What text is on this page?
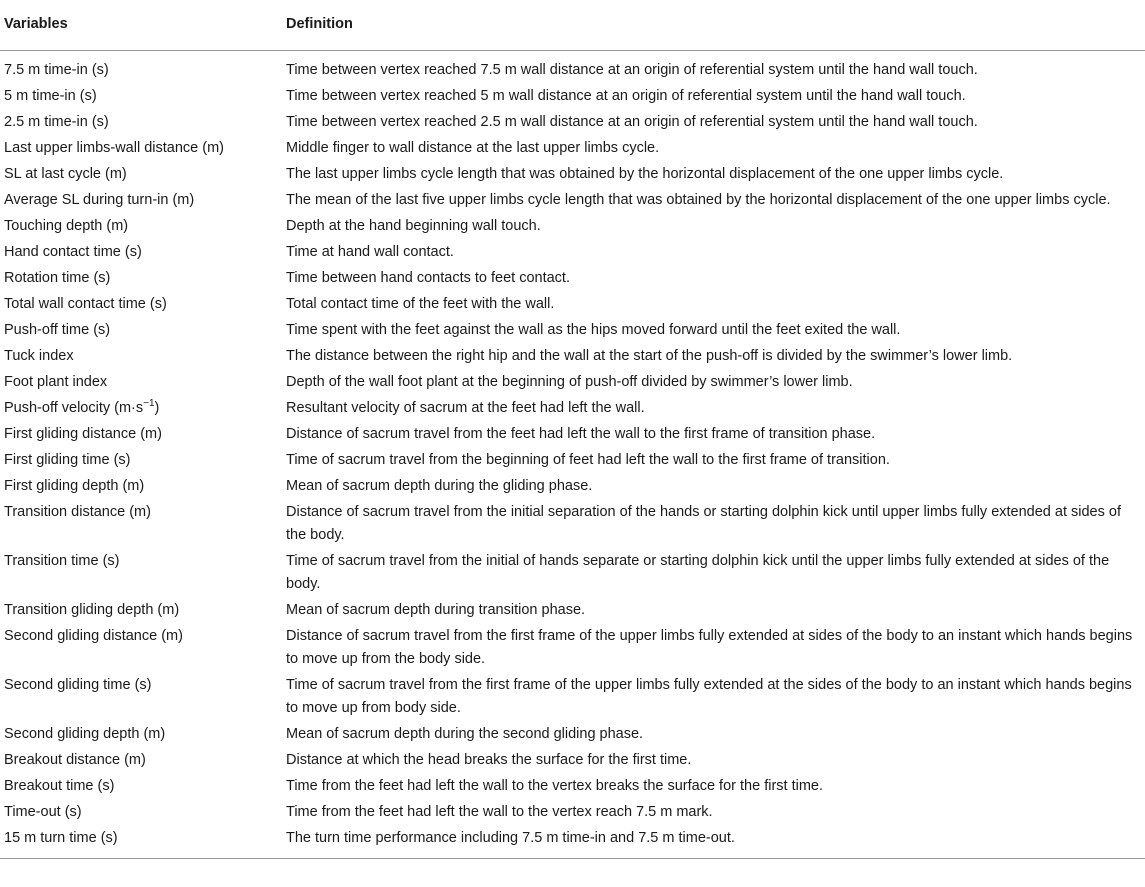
Variables	Definition
7.5 m time-in (s)	Time between vertex reached 7.5 m wall distance at an origin of referential system until the hand wall touch.
5 m time-in (s)	Time between vertex reached 5 m wall distance at an origin of referential system until the hand wall touch.
2.5 m time-in (s)	Time between vertex reached 2.5 m wall distance at an origin of referential system until the hand wall touch.
Last upper limbs-wall distance (m)	Middle finger to wall distance at the last upper limbs cycle.
SL at last cycle (m)	The last upper limbs cycle length that was obtained by the horizontal displacement of the one upper limbs cycle.
Average SL during turn-in (m)	The mean of the last five upper limbs cycle length that was obtained by the horizontal displacement of the one upper limbs cycle.
Touching depth (m)	Depth at the hand beginning wall touch.
Hand contact time (s)	Time at hand wall contact.
Rotation time (s)	Time between hand contacts to feet contact.
Total wall contact time (s)	Total contact time of the feet with the wall.
Push-off time (s)	Time spent with the feet against the wall as the hips moved forward until the feet exited the wall.
Tuck index	The distance between the right hip and the wall at the start of the push-off is divided by the swimmer’s lower limb.
Foot plant index	Depth of the wall foot plant at the beginning of push-off divided by swimmer’s lower limb.
Push-off velocity $(m\cdot s^{-1})$	Resultant velocity of sacrum at the feet had left the wall.
First gliding distance (m)	Distance of sacrum travel from the feet had left the wall to the first frame of transition phase.
First gliding time (s)	Time of sacrum travel from the beginning of feet had left the wall to the first frame of transition.
First gliding depth (m)	Mean of sacrum depth during the gliding phase.
Transition distance (m)	Distance of sacrum travel from the initial separation of the hands or starting dolphin kick until upper limbs fully extended at sides of the body.
Transition time (s)	Time of sacrum travel from the initial of hands separate or starting dolphin kick until the upper limbs fully extended at sides of the body.
Transition gliding depth (m)	Mean of sacrum depth during transition phase.
Second gliding distance (m)	Distance of sacrum travel from the first frame of the upper limbs fully extended at sides of the body to an instant which hands begins to move up from the body side.
Second gliding time (s)	Time of sacrum travel from the first frame of the upper limbs fully extended at the sides of the body to an instant which hands begins to move up from body side.
Second gliding depth (m)	Mean of sacrum depth during the second gliding phase.
Breakout distance (m)	Distance at which the head breaks the surface for the first time.
Breakout time (s)	Time from the feet had left the wall to the vertex breaks the surface for the first time.
Time-out (s)	Time from the feet had left the wall to the vertex reach 7.5 m mark.
15 m turn time (s)	The turn time performance including 7.5 m time-in and 7.5 m time-out.
